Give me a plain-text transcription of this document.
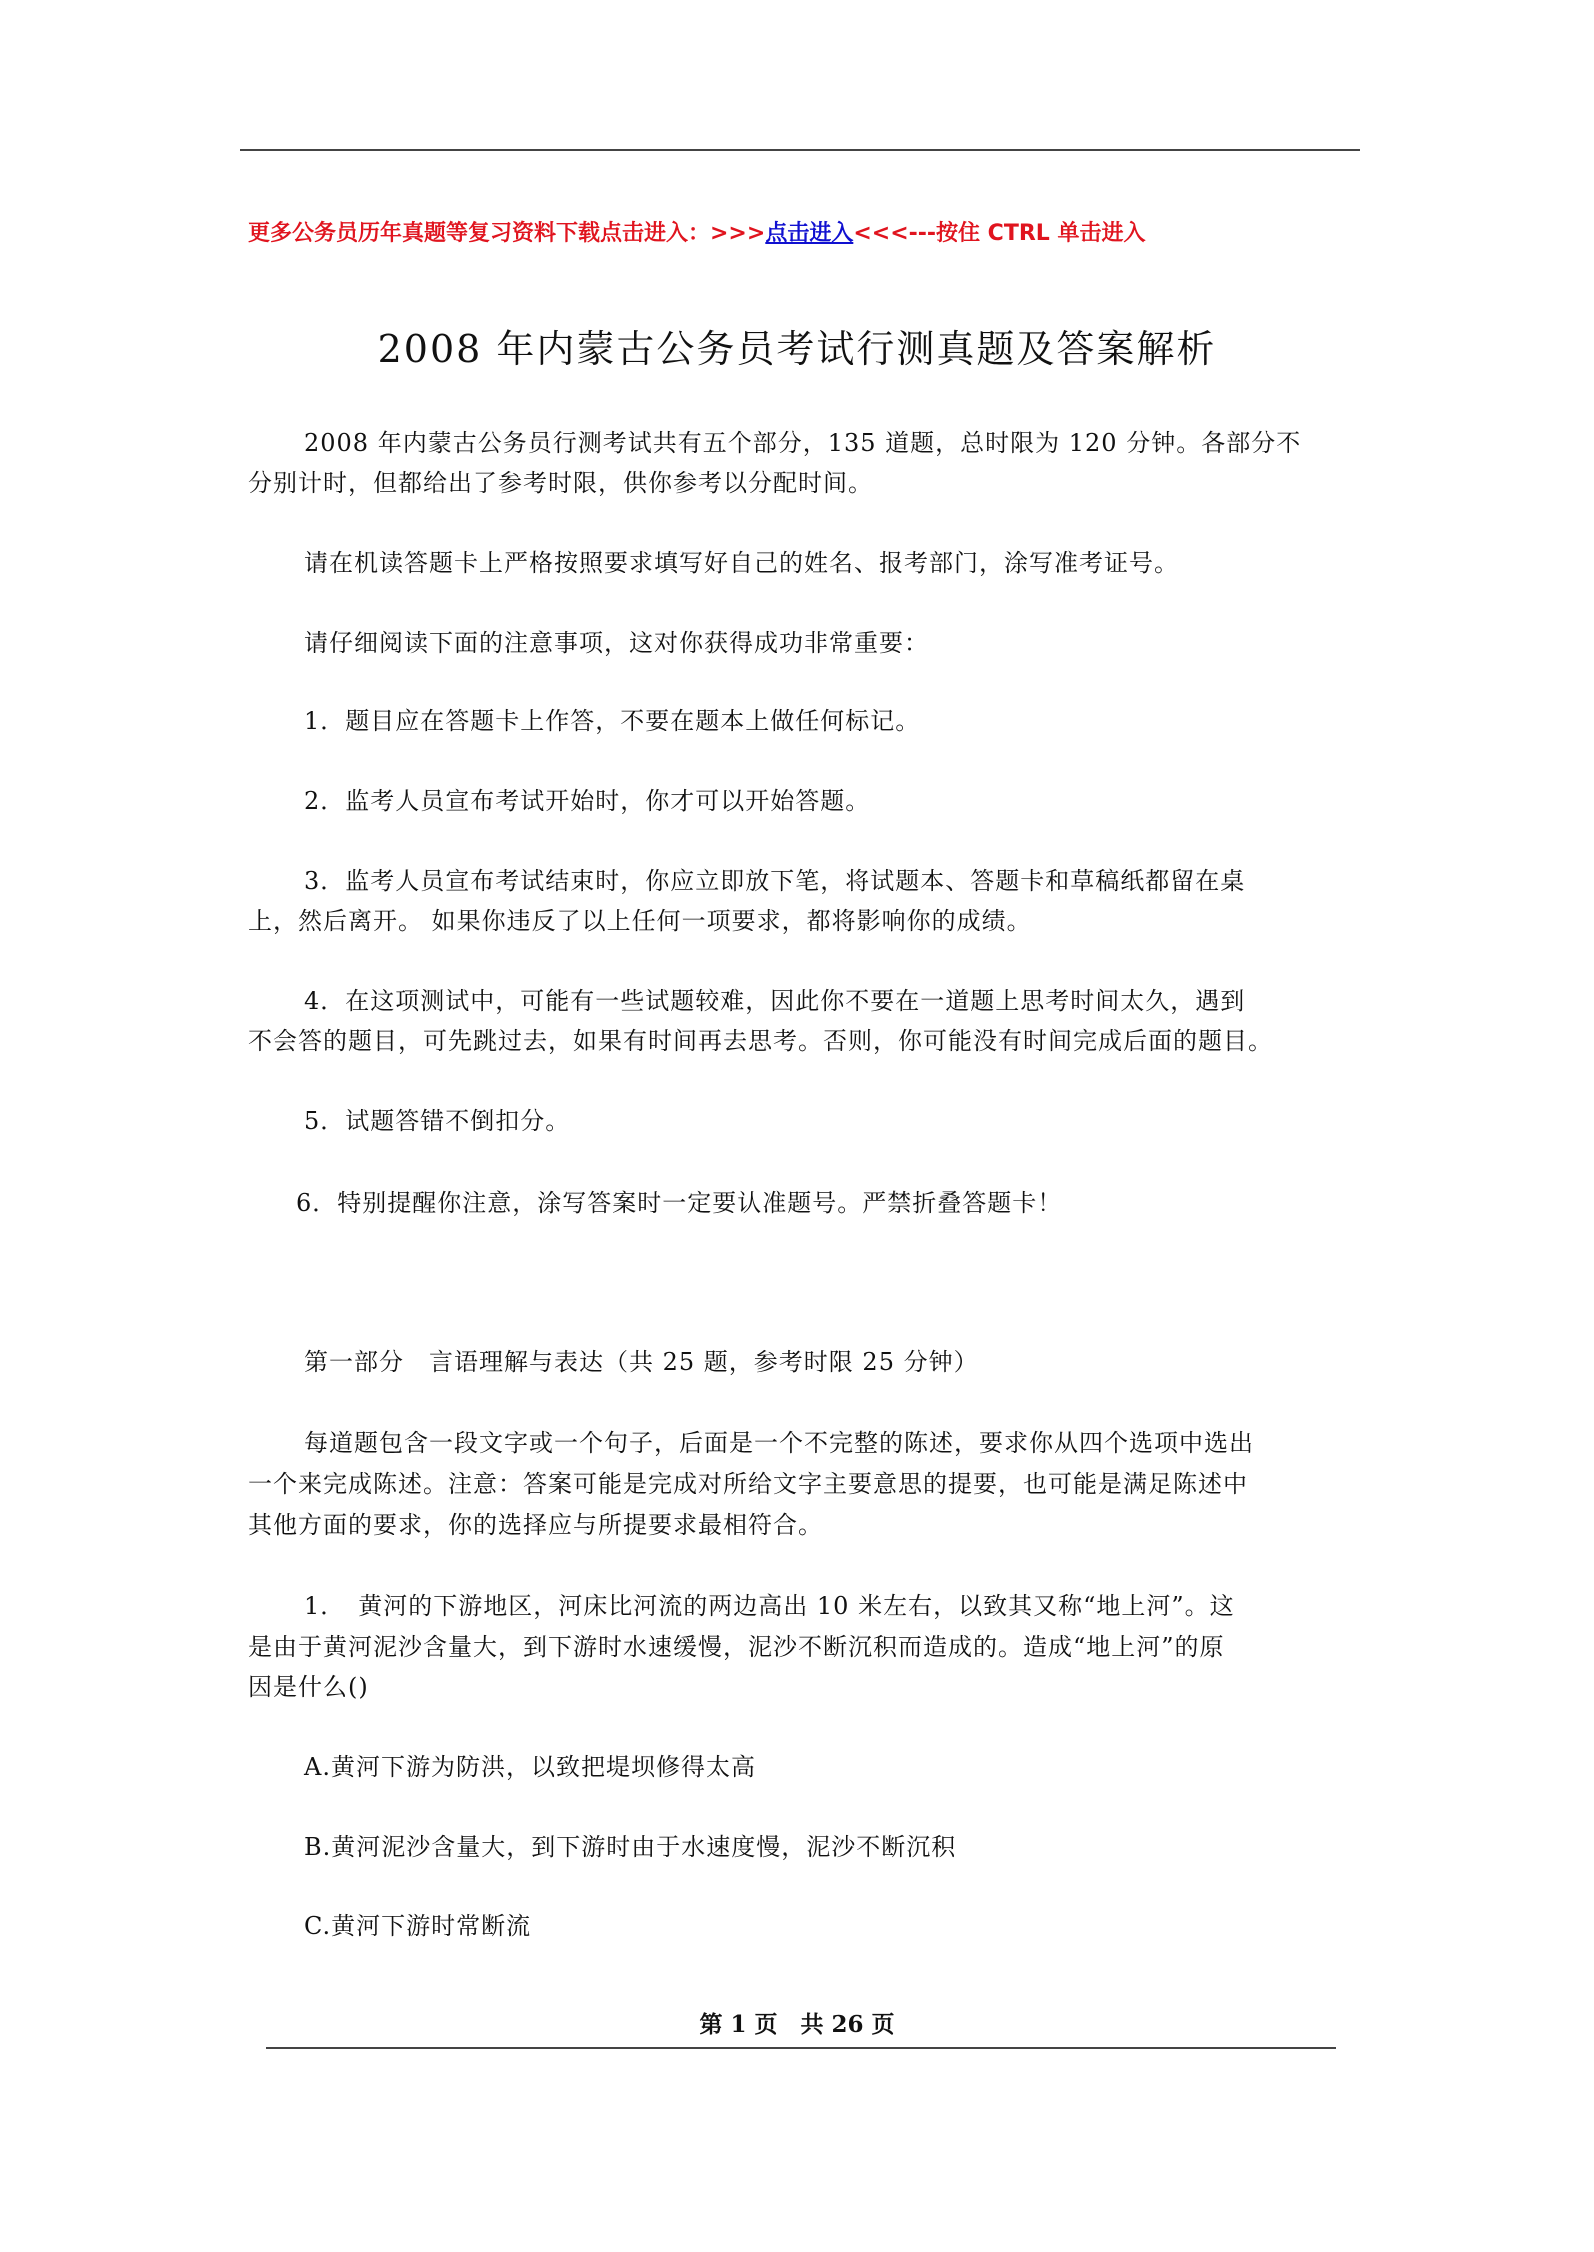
更多公务员历年真题等复习资料下载点击进入：>>>点击进入<<<---按住 CTRL 单击进入
2008 年内蒙古公务员考试行测真题及答案解析
2008 年内蒙古公务员行测考试共有五个部分，135 道题，总时限为 120 分钟。各部分不
分别计时，但都给出了参考时限，供你参考以分配时间。
请在机读答题卡上严格按照要求填写好自己的姓名、报考部门，涂写准考证号。
请仔细阅读下面的注意事项，这对你获得成功非常重要：
1．题目应在答题卡上作答，不要在题本上做任何标记。
2．监考人员宣布考试开始时，你才可以开始答题。
3．监考人员宣布考试结束时，你应立即放下笔，将试题本、答题卡和草稿纸都留在桌
上，然后离开。 如果你违反了以上任何一项要求，都将影响你的成绩。
4．在这项测试中，可能有一些试题较难，因此你不要在一道题上思考时间太久，遇到
不会答的题目，可先跳过去，如果有时间再去思考。否则，你可能没有时间完成后面的题目。
5．试题答错不倒扣分。
6．特别提醒你注意，涂写答案时一定要认准题号。严禁折叠答题卡！
第一部分　言语理解与表达（共 25 题，参考时限 25 分钟）
每道题包含一段文字或一个句子，后面是一个不完整的陈述，要求你从四个选项中选出
一个来完成陈述。注意：答案可能是完成对所给文字主要意思的提要，也可能是满足陈述中
其他方面的要求，你的选择应与所提要求最相符合。
1．　黄河的下游地区，河床比河流的两边高出 10 米左右，以致其又称“地上河”。这
是由于黄河泥沙含量大，到下游时水速缓慢，泥沙不断沉积而造成的。造成“地上河”的原
因是什么()
A.黄河下游为防洪，以致把堤坝修得太高
B.黄河泥沙含量大，到下游时由于水速度慢，泥沙不断沉积
C.黄河下游时常断流
第 1 页　共 26 页
